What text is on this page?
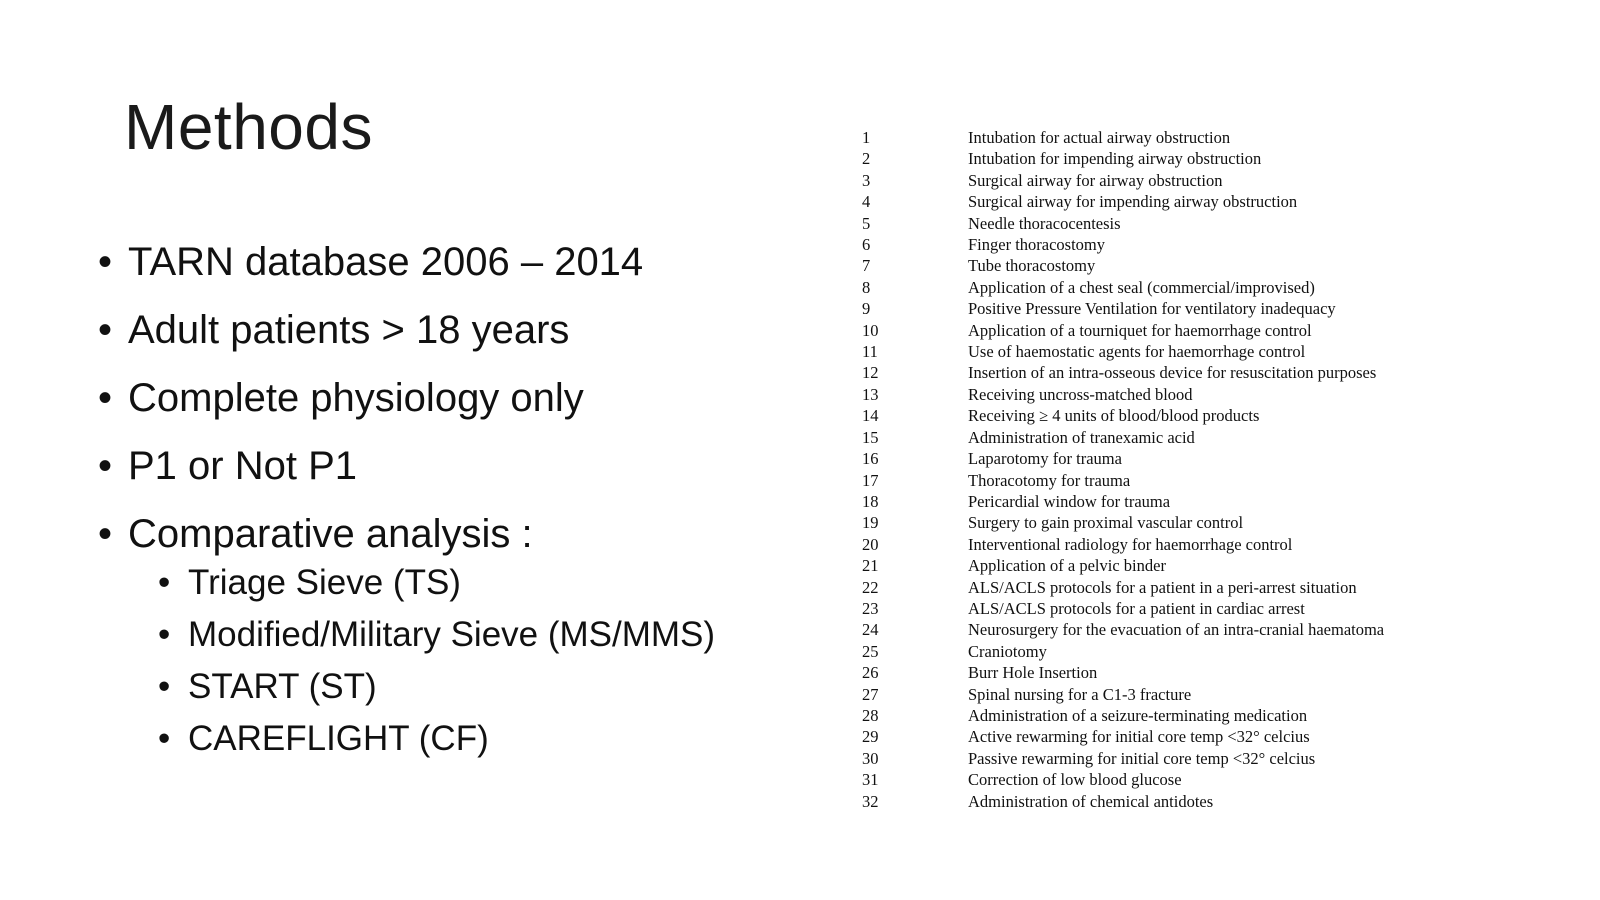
Methods
• TARN database 2006 – 2014
• Adult patients > 18 years
• Complete physiology only
• P1 or Not P1
• Comparative analysis :
• Triage Sieve (TS)
• Modified/Military Sieve (MS/MMS)
• START (ST)
• CAREFLIGHT (CF)
1	Intubation for actual airway obstruction
2	Intubation for impending airway obstruction
3	Surgical airway for airway obstruction
4	Surgical airway for impending airway obstruction
5	Needle thoracocentesis
6	Finger thoracostomy
7	Tube thoracostomy
8	Application of a chest seal (commercial/improvised)
9	Positive Pressure Ventilation for ventilatory inadequacy
10	Application of a tourniquet for haemorrhage control
11	Use of haemostatic agents for haemorrhage control
12	Insertion of an intra-osseous device for resuscitation purposes
13	Receiving uncross-matched blood
14	Receiving ≥ 4 units of blood/blood products
15	Administration of tranexamic acid
16	Laparotomy for trauma
17	Thoracotomy for trauma
18	Pericardial window for trauma
19	Surgery to gain proximal vascular control
20	Interventional radiology for haemorrhage control
21	Application of a pelvic binder
22	ALS/ACLS protocols for a patient in a peri-arrest situation
23	ALS/ACLS protocols for a patient in cardiac arrest
24	Neurosurgery for the evacuation of an intra-cranial haematoma
25	Craniotomy
26	Burr Hole Insertion
27	Spinal nursing for a C1-3 fracture
28	Administration of a seizure-terminating medication
29	Active rewarming for initial core temp <32° celcius
30	Passive rewarming for initial core temp <32° celcius
31	Correction of low blood glucose
32	Administration of chemical antidotes
